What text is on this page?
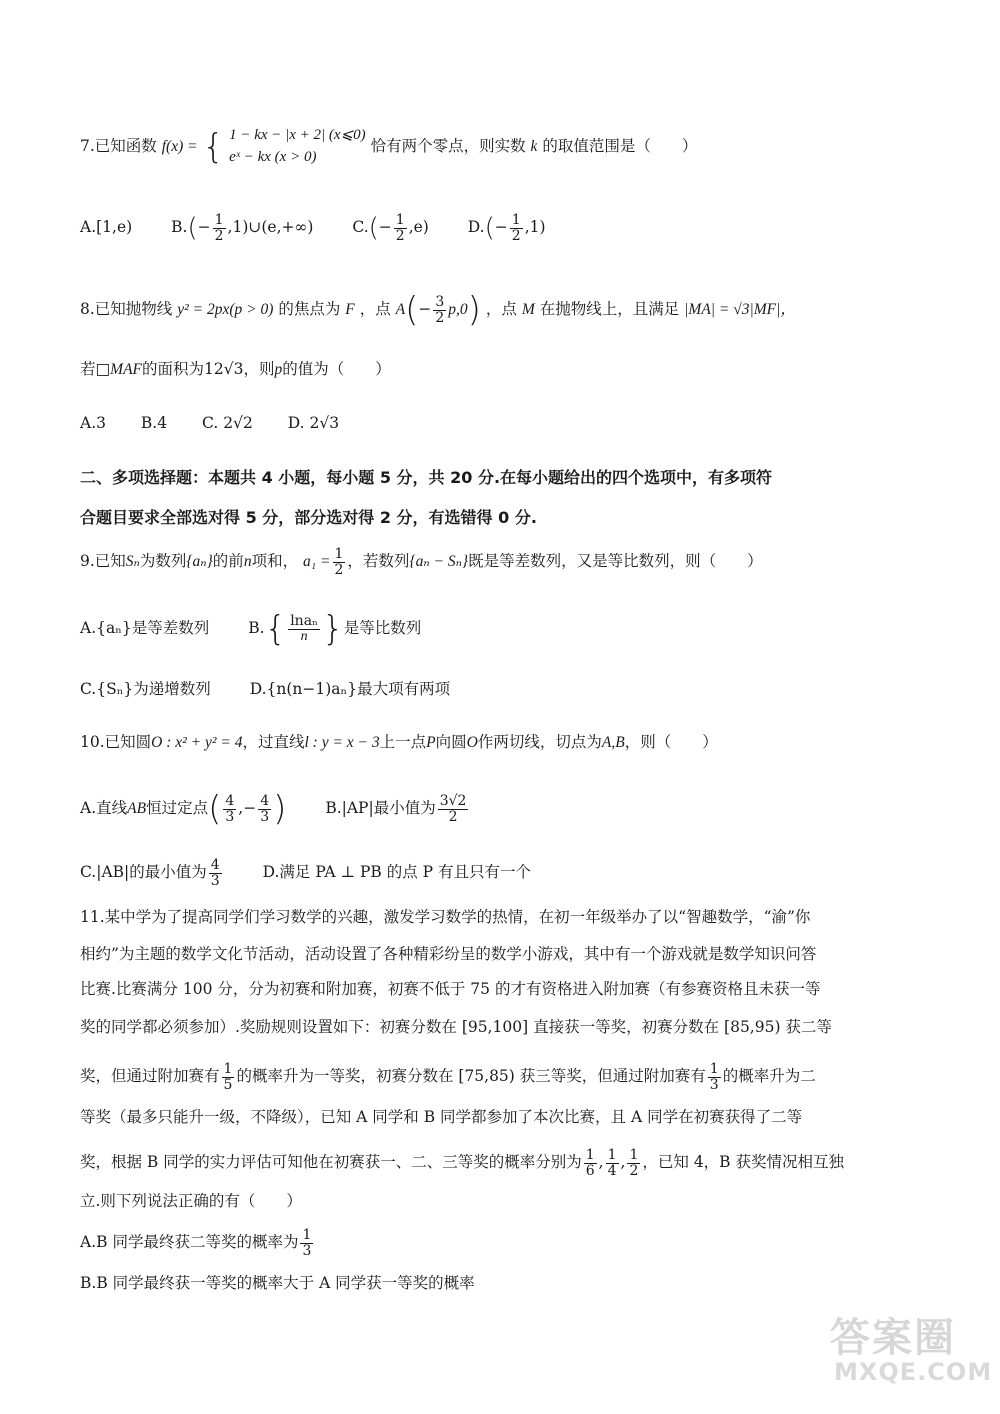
7.已知函数 f(x) = { 1 − kx − |x + 2| (x⩽0)
eˣ − kx (x > 0)
恰有两个零点，则实数 k 的取值范围是（　　）
A.[1,e)	$B.(- \frac{1}{2}$ ,1)∪(e,+∞)	$C.(- \frac{1}{2} ,e)$	$D.(- \frac{1}{2} ,1)$
8.已知抛物线 y² = 2px(p > 0) 的焦点为 F ，点 $A(- \frac{3}{2} p,0)$ ，点 M 在抛物线上，且满足 |MA| = √3|MF|，
若□MAF的面积为12√3，则p的值为（　　）
A.3 B.4 C. 2√2 D. 2√3
二、多项选择题：本题共 4 小题，每小题 5 分，共 20 分.在每小题给出的四个选项中，有多项符
合题目要求全部选对得 5 分，部分选对得 2 分，有选错得 0 分.
9.已知Sₙ为数列{aₙ}的前n项和， $a_1 = \frac{1}{2}$ ，若数列{aₙ − Sₙ}既是等差数列，又是等比数列，则（　　）
A.{aₙ}是等差数列	$B.\{ \frac{\text{lnaₙ}}{n}$ }是等比数列
C.{Sₙ}为递增数列	D.{n(n−1)aₙ}最大项有两项
10.已知圆O : x² + y² = 4，过直线l : y = x − 3上一点P向圆O作两切线，切点为A,B，则（　　）
A.直线AB恒过定点( $\frac{4}{3}$ ,− $\frac{4}{3}$ )	B.|AP|最小值为 $\frac{3√2}{2}$
C.|AB|的最小值为 $\frac{4}{3}$	D.满足 PA ⊥ PB 的点 P 有且只有一个
11.某中学为了提高同学们学习数学的兴趣，激发学习数学的热情，在初一年级举办了以“智趣数学，“渝”你
相约”为主题的数学文化节活动，活动设置了各种精彩纷呈的数学小游戏，其中有一个游戏就是数学知识问答
比赛.比赛满分 100 分，分为初赛和附加赛，初赛不低于 75 的才有资格进入附加赛（有参赛资格且未获一等
奖的同学都必须参加）.奖励规则设置如下：初赛分数在 [95,100] 直接获一等奖，初赛分数在 [85,95) 获二等
奖，但通过附加赛有 $\frac{1}{5}$ 的概率升为一等奖，初赛分数在 [75,85) 获三等奖，但通过附加赛有 $\frac{1}{3}$ 的概率升为二
等奖（最多只能升一级，不降级），已知 A 同学和 B 同学都参加了本次比赛，且 A 同学在初赛获得了二等
奖，根据 B 同学的实力评估可知他在初赛获一、二、三等奖的概率分别为 $\frac{1}{6}$ , $\frac{1}{4}$ , $\frac{1}{2}$ ，已知 4，B 获奖情况相互独
立.则下列说法正确的有（　　）
A.B 同学最终获二等奖的概率为 $\frac{1}{3}$
B.B 同学最终获一等奖的概率大于 A 同学获一等奖的概率
答案圈
MXQE.COM
